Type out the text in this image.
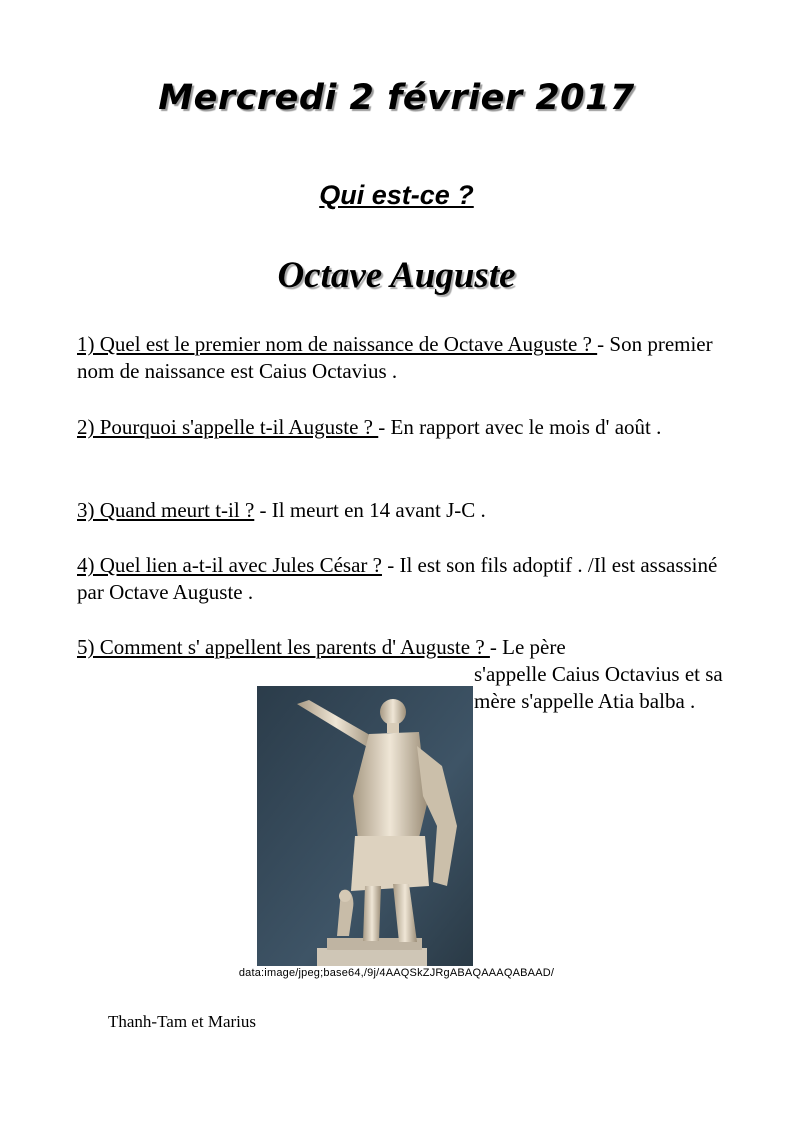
Mercredi 2 février 2017
Qui est-ce ?
Octave Auguste
1) Quel est le premier nom de naissance de Octave Auguste ? - Son premier nom de naissance est Caius Octavius .
2) Pourquoi s'appelle t-il Auguste ? - En rapport avec le mois d' août .
3) Quand meurt t-il ? - Il meurt en 14 avant J-C .
4) Quel lien a-t-il avec Jules César ? - Il est son fils adoptif . /Il est assassiné par Octave Auguste .
5) Comment s' appellent les parents d' Auguste ? - Le père
s'appelle Caius Octavius et sa mère s'appelle Atia balba .
data:image/jpeg;base64,/9j/4AAQSkZJRgABAQAAAQABAAD/
Thanh-Tam et Marius
